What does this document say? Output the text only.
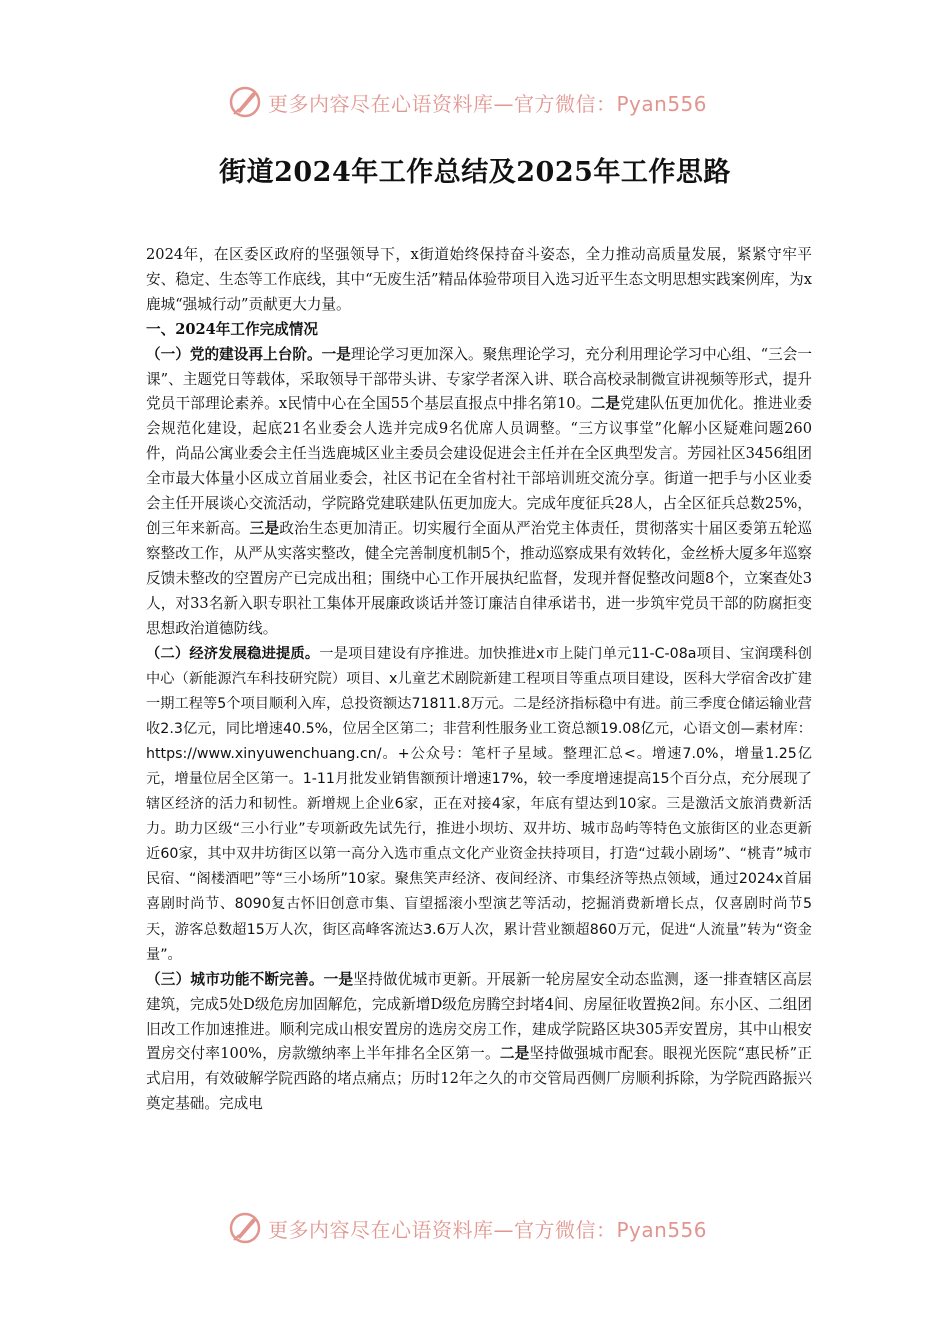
更多内容尽在心语资料库—官方微信：Pyan556
街道2024年工作总结及2025年工作思路

2024年，在区委区政府的坚强领导下，x街道始终保持奋斗姿态，全力推动高质量发展，紧紧守牢平安、稳定、生态等工作底线，其中“无废生活”精品体验带项目入选习近平生态文明思想实践案例库，为x鹿城“强城行动”贡献更大力量。

一、2024年工作完成情况

（一）党的建设再上台阶。一是理论学习更加深入。聚焦理论学习，充分利用理论学习中心组、“三会一课”、主题党日等载体，采取领导干部带头讲、专家学者深入讲、联合高校录制微宣讲视频等形式，提升党员干部理论素养。x民情中心在全国55个基层直报点中排名第10。二是党建队伍更加优化。推进业委会规范化建设，起底21名业委会人选并完成9名优席人员调整。“三方议事堂”化解小区疑难问题260件，尚品公寓业委会主任当选鹿城区业主委员会建设促进会主任并在全区典型发言。芳园社区3456组团全市最大体量小区成立首届业委会，社区书记在全省村社干部培训班交流分享。街道一把手与小区业委会主任开展谈心交流活动，学院路党建联建队伍更加庞大。完成年度征兵28人，占全区征兵总数25%，创三年来新高。三是政治生态更加清正。切实履行全面从严治党主体责任，贯彻落实十届区委第五轮巡察整改工作，从严从实落实整改，健全完善制度机制5个，推动巡察成果有效转化，金丝桥大厦多年巡察反馈未整改的空置房产已完成出租；围绕中心工作开展执纪监督，发现并督促整改问题8个，立案查处3人，对33名新入职专职社工集体开展廉政谈话并签订廉洁自律承诺书，进一步筑牢党员干部的防腐拒变思想政治道德防线。

（二）经济发展稳进提质。一是项目建设有序推进。加快推进x市上陡门单元11-C-08a项目、宝润璞科创中心（新能源汽车科技研究院）项目、x儿童艺术剧院新建工程项目等重点项目建设，医科大学宿舍改扩建一期工程等5个项目顺利入库，总投资额达71811.8万元。二是经济指标稳中有进。前三季度仓储运输业营收2.3亿元，同比增速40.5%，位居全区第二；非营利性服务业工资总额19.08亿元，心语文创—素材库：https://www.xinyuwenchuang.cn/。+公众号：笔杆子星域。整理汇总<。增速7.0%，增量1.25亿元，增量位居全区第一。1-11月批发业销售额预计增速17%，较一季度增速提高15个百分点，充分展现了辖区经济的活力和韧性。新增规上企业6家，正在对接4家，年底有望达到10家。三是激活文旅消费新活力。助力区级“三小行业”专项新政先试先行，推进小坝坊、双井坊、城市岛屿等特色文旅街区的业态更新近60家，其中双井坊街区以第一高分入选市重点文化产业资金扶持项目，打造“过载小剧场”、“桃青”城市民宿、“阁楼酒吧”等“三小场所”10家。聚焦笑声经济、夜间经济、市集经济等热点领域，通过2024x首届喜剧时尚节、8090复古怀旧创意市集、盲望摇滚小型演艺等活动，挖掘消费新增长点，仅喜剧时尚节5天，游客总数超15万人次，街区高峰客流达3.6万人次，累计营业额超860万元，促进“人流量”转为“资金量”。

（三）城市功能不断完善。一是坚持做优城市更新。开展新一轮房屋安全动态监测，逐一排查辖区高层建筑，完成5处D级危房加固解危，完成新增D级危房腾空封堵4间、房屋征收置换2间。东小区、二组团旧改工作加速推进。顺利完成山根安置房的选房交房工作，建成学院路区块305弄安置房，其中山根安置房交付率100%，房款缴纳率上半年排名全区第一。二是坚持做强城市配套。眼视光医院“惠民桥”正式启用，有效破解学院西路的堵点痛点；历时12年之久的市交管局西侧厂房顺利拆除，为学院西路振兴奠定基础。完成电

更多内容尽在心语资料库—官方微信：Pyan556
